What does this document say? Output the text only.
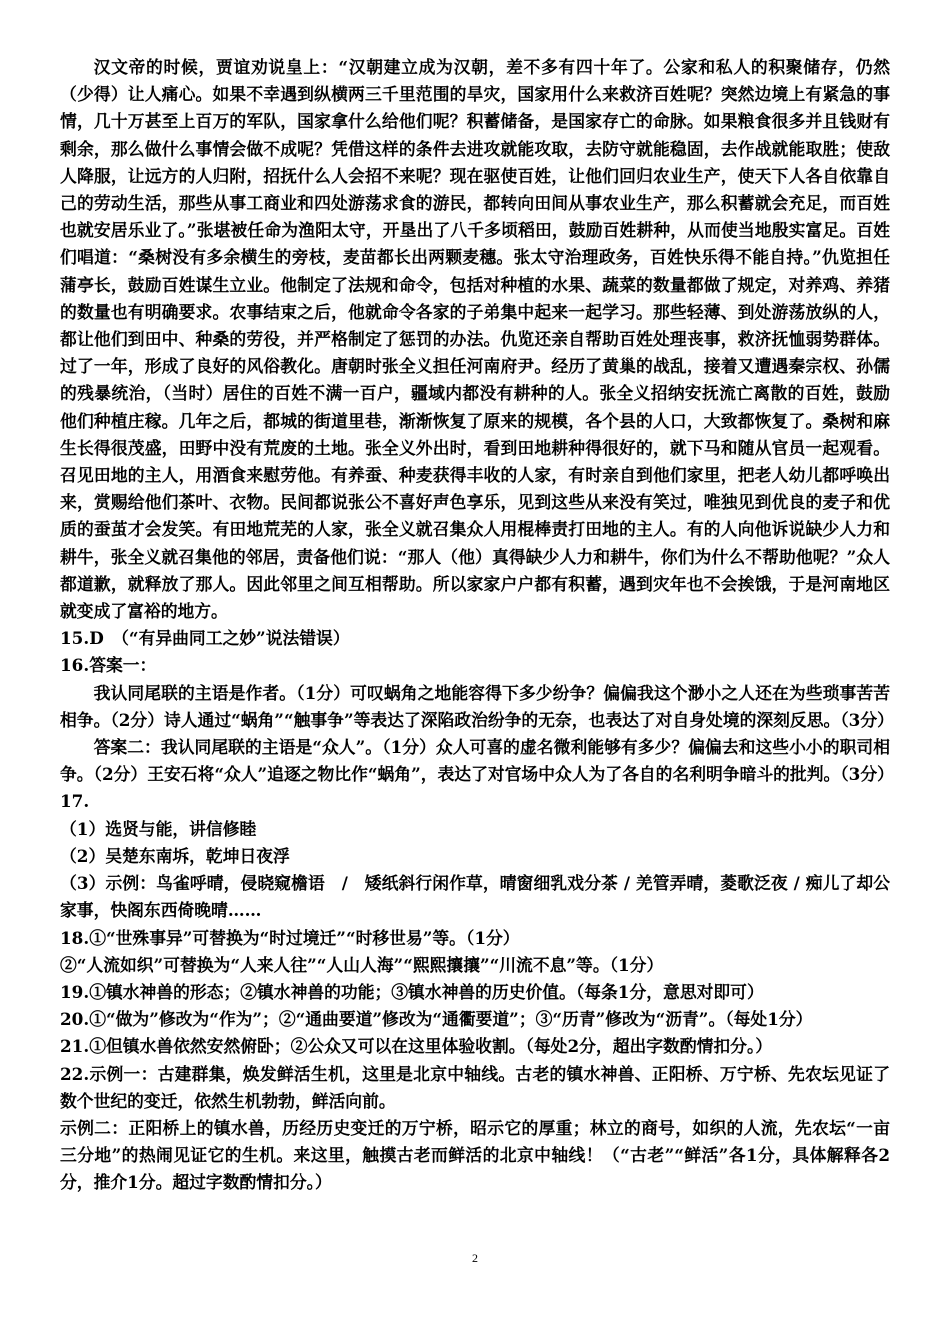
汉文帝的时候，贾谊劝说皇上：“汉朝建立成为汉朝，差不多有四十年了。公家和私人的积聚储存，仍然（少得）让人痛心。如果不幸遇到纵横两三千里范围的旱灾，国家用什么来救济百姓呢？突然边境上有紧急的事情，几十万甚至上百万的军队，国家拿什么给他们呢？积蓄储备，是国家存亡的命脉。如果粮食很多并且钱财有剩余，那么做什么事情会做不成呢？凭借这样的条件去进攻就能攻取，去防守就能稳固，去作战就能取胜；使敌人降服，让远方的人归附，招抚什么人会招不来呢？现在驱使百姓，让他们回归农业生产，使天下人各自依靠自己的劳动生活，那些从事工商业和四处游荡求食的游民，都转向田间从事农业生产，那么积蓄就会充足，而百姓也就安居乐业了。”张堪被任命为渔阳太守，开垦出了八千多顷稻田，鼓励百姓耕种，从而使当地殷实富足。百姓们唱道：“桑树没有多余横生的旁枝，麦苗都长出两颗麦穗。张太守治理政务，百姓快乐得不能自持。”仇览担任蒲亭长，鼓励百姓谋生立业。他制定了法规和命令，包括对种植的水果、蔬菜的数量都做了规定，对养鸡、养猪的数量也有明确要求。农事结束之后，他就命令各家的子弟集中起来一起学习。那些轻薄、到处游荡放纵的人，都让他们到田中、种桑的劳役，并严格制定了惩罚的办法。仇览还亲自帮助百姓处理丧事，救济抚恤弱势群体。过了一年，形成了良好的风俗教化。唐朝时张全义担任河南府尹。经历了黄巢的战乱，接着又遭遇秦宗权、孙儒的残暴统治，（当时）居住的百姓不满一百户，疆域内都没有耕种的人。张全义招纳安抚流亡离散的百姓，鼓励他们种植庄稼。几年之后，都城的街道里巷，渐渐恢复了原来的规模，各个县的人口，大致都恢复了。桑树和麻生长得很茂盛，田野中没有荒废的土地。张全义外出时，看到田地耕种得很好的，就下马和随从官员一起观看。召见田地的主人，用酒食来慰劳他。有养蚕、种麦获得丰收的人家，有时亲自到他们家里，把老人幼儿都呼唤出来，赏赐给他们茶叶、衣物。民间都说张公不喜好声色享乐，见到这些从来没有笑过，唯独见到优良的麦子和优质的蚕茧才会发笑。有田地荒芜的人家，张全义就召集众人用棍棒责打田地的主人。有的人向他诉说缺少人力和耕牛，张全义就召集他的邻居，责备他们说：“那人（他）真得缺少人力和耕牛，你们为什么不帮助他呢？”众人都道歉，就释放了那人。因此邻里之间互相帮助。所以家家户户都有积蓄，遇到灾年也不会挨饿，于是河南地区就变成了富裕的地方。

15.D　（“有异曲同工之妙”说法错误）

16.答案一：

我认同尾联的主语是作者。（1分）可叹蜗角之地能容得下多少纷争？偏偏我这个渺小之人还在为些琐事苦苦相争。（2分）诗人通过“蜗角”“触事争”等表达了深陷政治纷争的无奈，也表达了对自身处境的深刻反思。（3分）

答案二：我认同尾联的主语是“众人”。（1分）众人可喜的虚名微利能够有多少？偏偏去和这些小小的职司相争。（2分）王安石将“众人”追逐之物比作“蜗角”，表达了对官场中众人为了各自的名利明争暗斗的批判。（3分）

17.

（1）选贤与能，讲信修睦

（2）吴楚东南坼，乾坤日夜浮

（3）示例：鸟雀呼晴，侵晓窥檐语　/　矮纸斜行闲作草，晴窗细乳戏分茶 / 羌管弄晴，菱歌泛夜 / 痴儿了却公家事，快阁东西倚晚晴……

18.①“世殊事异”可替换为“时过境迁”“时移世易”等。（1分）

②“人流如织”可替换为“人来人往”“人山人海”“熙熙攘攘”“川流不息”等。（1分）

19.①镇水神兽的形态；②镇水神兽的功能；③镇水神兽的历史价值。（每条1分，意思对即可）

20.①“做为”修改为“作为”；②“通曲要道”修改为“通衢要道”；③“历青”修改为“沥青”。（每处1分）

21.①但镇水兽依然安然俯卧；②公众又可以在这里体验收割。（每处2分，超出字数酌情扣分。）

22.示例一：古建群集，焕发鲜活生机，这里是北京中轴线。古老的镇水神兽、正阳桥、万宁桥、先农坛见证了数个世纪的变迁，依然生机勃勃，鲜活向前。

示例二：正阳桥上的镇水兽，历经历史变迁的万宁桥，昭示它的厚重；林立的商号，如织的人流，先农坛“一亩三分地”的热闹见证它的生机。来这里，触摸古老而鲜活的北京中轴线！（“古老”“鲜活”各1分，具体解释各2分，推介1分。超过字数酌情扣分。）

2
